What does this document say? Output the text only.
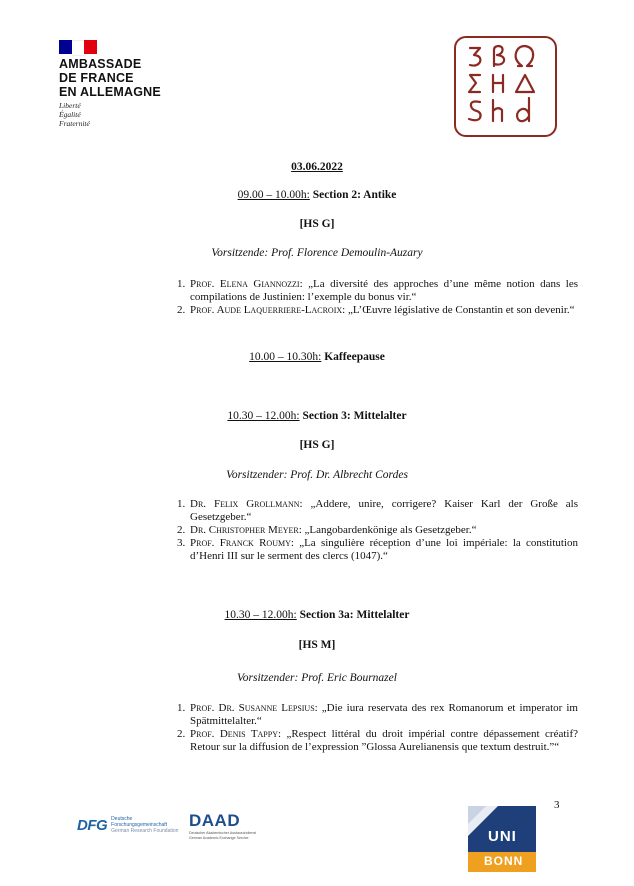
AMBASSADE
DE FRANCE
EN ALLEMAGNE
Liberté
Égalité
Fraternité
03.06.2022
09.00 – 10.00h: Section 2: Antike
[HS G]
Vorsitzende: Prof. Florence Demoulin-Auzary
1. Prof. Elena Giannozzi: „La diversité des approches d’une même notion dans les compilations de Justinien: l’exemple du bonus vir.“
2. Prof. Aude Laquerriere-Lacroix: „L’Œuvre législative de Constantin et son devenir.“
10.00 – 10.30h: Kaffeepause
10.30 – 12.00h: Section 3: Mittelalter
[HS G]
Vorsitzender: Prof. Dr. Albrecht Cordes
1. Dr. Felix Grollmann: „Addere, unire, corrigere? Kaiser Karl der Große als Gesetzgeber.“
2. Dr. Christopher Meyer: „Langobardenkönige als Gesetzgeber.“
3. Prof. Franck Roumy: „La singulière réception d’une loi impériale: la constitution d’Henri III sur le serment des clercs (1047).“
10.30 – 12.00h: Section 3a: Mittelalter
[HS M]
Vorsitzender: Prof. Eric Bournazel
1. Prof. Dr. Susanne Lepsius: „Die iura reservata des rex Romanorum et imperator im Spätmittelalter.“
2. Prof. Denis Tappy: „Respect littéral du droit impérial contre dépassement créatif? Retour sur la diffusion de l’expression ”Glossa Aurelianensis que textum destruit.”“
3
DFG Deutsche
Forschungsgemeinschaft
German Research Foundation
DAAD
Deutscher Akademischer Austauschdienst
German Academic Exchange Service	UNI
BONN
